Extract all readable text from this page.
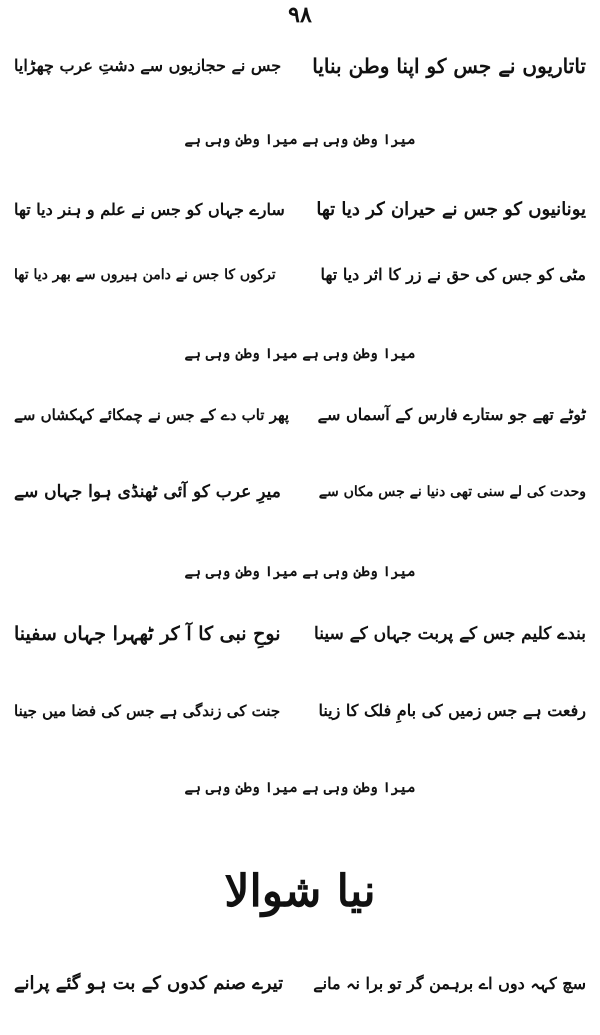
۹۸
تاتاریوں نے جس کو اپنا وطن بنایا
جس نے حجازیوں سے دشتِ عرب چھڑایا
میرا وطن وہی ہے میرا وطن وہی ہے
یونانیوں کو جس نے حیران کر دیا تھا
سارے جہاں کو جس نے علم و ہنر دیا تھا
مٹی کو جس کی حق نے زر کا اثر دیا تھا
ترکوں کا جس نے دامن ہیروں سے بھر دیا تھا
میرا وطن وہی ہے میرا وطن وہی ہے
ٹوٹے تھے جو ستارے فارس کے آسماں سے
پھر تاب دے کے جس نے چمکائے کہکشاں سے
وحدت کی لے سنی تھی دنیا نے جس مکاں سے
میرِ عرب کو آئی ٹھنڈی ہوا جہاں سے
میرا وطن وہی ہے میرا وطن وہی ہے
بندے کلیم جس کے پربت جہاں کے سینا
نوحِ نبی کا آ کر ٹھہرا جہاں سفینا
رفعت ہے جس زمیں کی بامِ فلک کا زینا
جنت کی زندگی ہے جس کی فضا میں جینا
میرا وطن وہی ہے میرا وطن وہی ہے
نیا شوالا
سچ کہہ دوں اے برہمن گر تو برا نہ مانے
تیرے صنم کدوں کے بت ہو گئے پرانے
